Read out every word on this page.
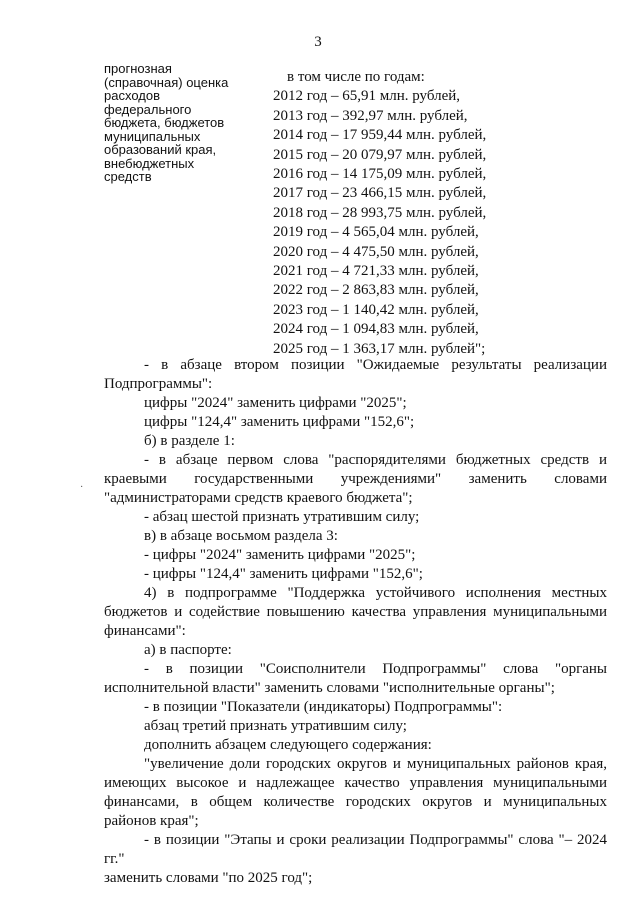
3
прогнозная
(справочная) оценка
расходов
федерального
бюджета, бюджетов
муниципальных
образований края,
внебюджетных
средств
в том числе по годам:
2012 год – 65,91 млн. рублей,
2013 год – 392,97 млн. рублей,
2014 год – 17 959,44 млн. рублей,
2015 год – 20 079,97 млн. рублей,
2016 год – 14 175,09 млн. рублей,
2017 год – 23 466,15 млн. рублей,
2018 год – 28 993,75 млн. рублей,
2019 год – 4 565,04 млн. рублей,
2020 год – 4 475,50 млн. рублей,
2021 год – 4 721,33 млн. рублей,
2022 год – 2 863,83 млн. рублей,
2023 год – 1 140,42 млн. рублей,
2024 год – 1 094,83 млн. рублей,
2025 год – 1 363,17 млн. рублей";
·
- в абзаце втором позиции "Ожидаемые результаты реализации
Подпрограммы":
цифры "2024" заменить цифрами "2025";
цифры "124,4" заменить цифрами "152,6";
б) в разделе 1:
- в абзаце первом слова "распорядителями бюджетных средств и
краевыми государственными учреждениями" заменить словами
"администраторами средств краевого бюджета";
- абзац шестой признать утратившим силу;
в) в абзаце восьмом раздела 3:
- цифры "2024" заменить цифрами "2025";
- цифры "124,4" заменить цифрами "152,6";
4) в подпрограмме "Поддержка устойчивого исполнения местных
бюджетов и содействие повышению качества управления муниципальными
финансами":
а) в паспорте:
- в позиции "Соисполнители Подпрограммы" слова "органы
исполнительной власти" заменить словами "исполнительные органы";
- в позиции "Показатели (индикаторы) Подпрограммы":
абзац третий признать утратившим силу;
дополнить абзацем следующего содержания:
"увеличение доли городских округов и муниципальных районов края,
имеющих высокое и надлежащее качество управления муниципальными
финансами, в общем количестве городских округов и муниципальных
районов края";
- в позиции "Этапы и сроки реализации Подпрограммы" слова "– 2024 гг."
заменить словами "по 2025 год";
